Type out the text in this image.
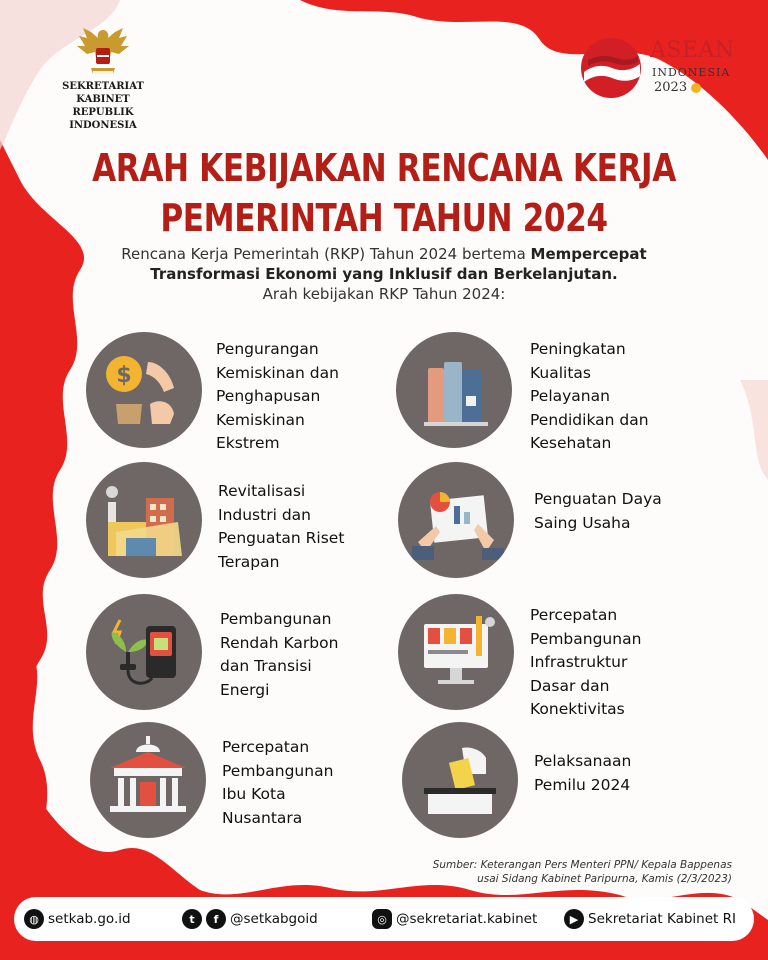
SEKRETARIAT KABINET
REPUBLIK INDONESIA
ASEAN
INDONESIA
2023
ARAH KEBIJAKAN RENCANA KERJA
PEMERINTAH TAHUN 2024
Rencana Kerja Pemerintah (RKP) Tahun 2024 bertema Mempercepat
Transformasi Ekonomi yang Inklusif dan Berkelanjutan.
Arah kebijakan RKP Tahun 2024:
$
Pengurangan
Kemiskinan dan
Penghapusan
Kemiskinan
Ekstrem
Peningkatan
Kualitas
Pelayanan
Pendidikan dan
Kesehatan
Revitalisasi
Industri dan
Penguatan Riset
Terapan
Penguatan Daya
Saing Usaha
Pembangunan
Rendah Karbon
dan Transisi
Energi
Percepatan
Pembangunan
Infrastruktur
Dasar dan
Konektivitas
Percepatan
Pembangunan
Ibu Kota
Nusantara
Pelaksanaan
Pemilu 2024
Sumber: Keterangan Pers Menteri PPN/ Kepala Bappenas
usai Sidang Kabinet Paripurna, Kamis (2/3/2023)
◍ setkab.go.id	t	f @setkabgoid	◎ @sekretariat.kabinet	▶ Sekretariat Kabinet RI
